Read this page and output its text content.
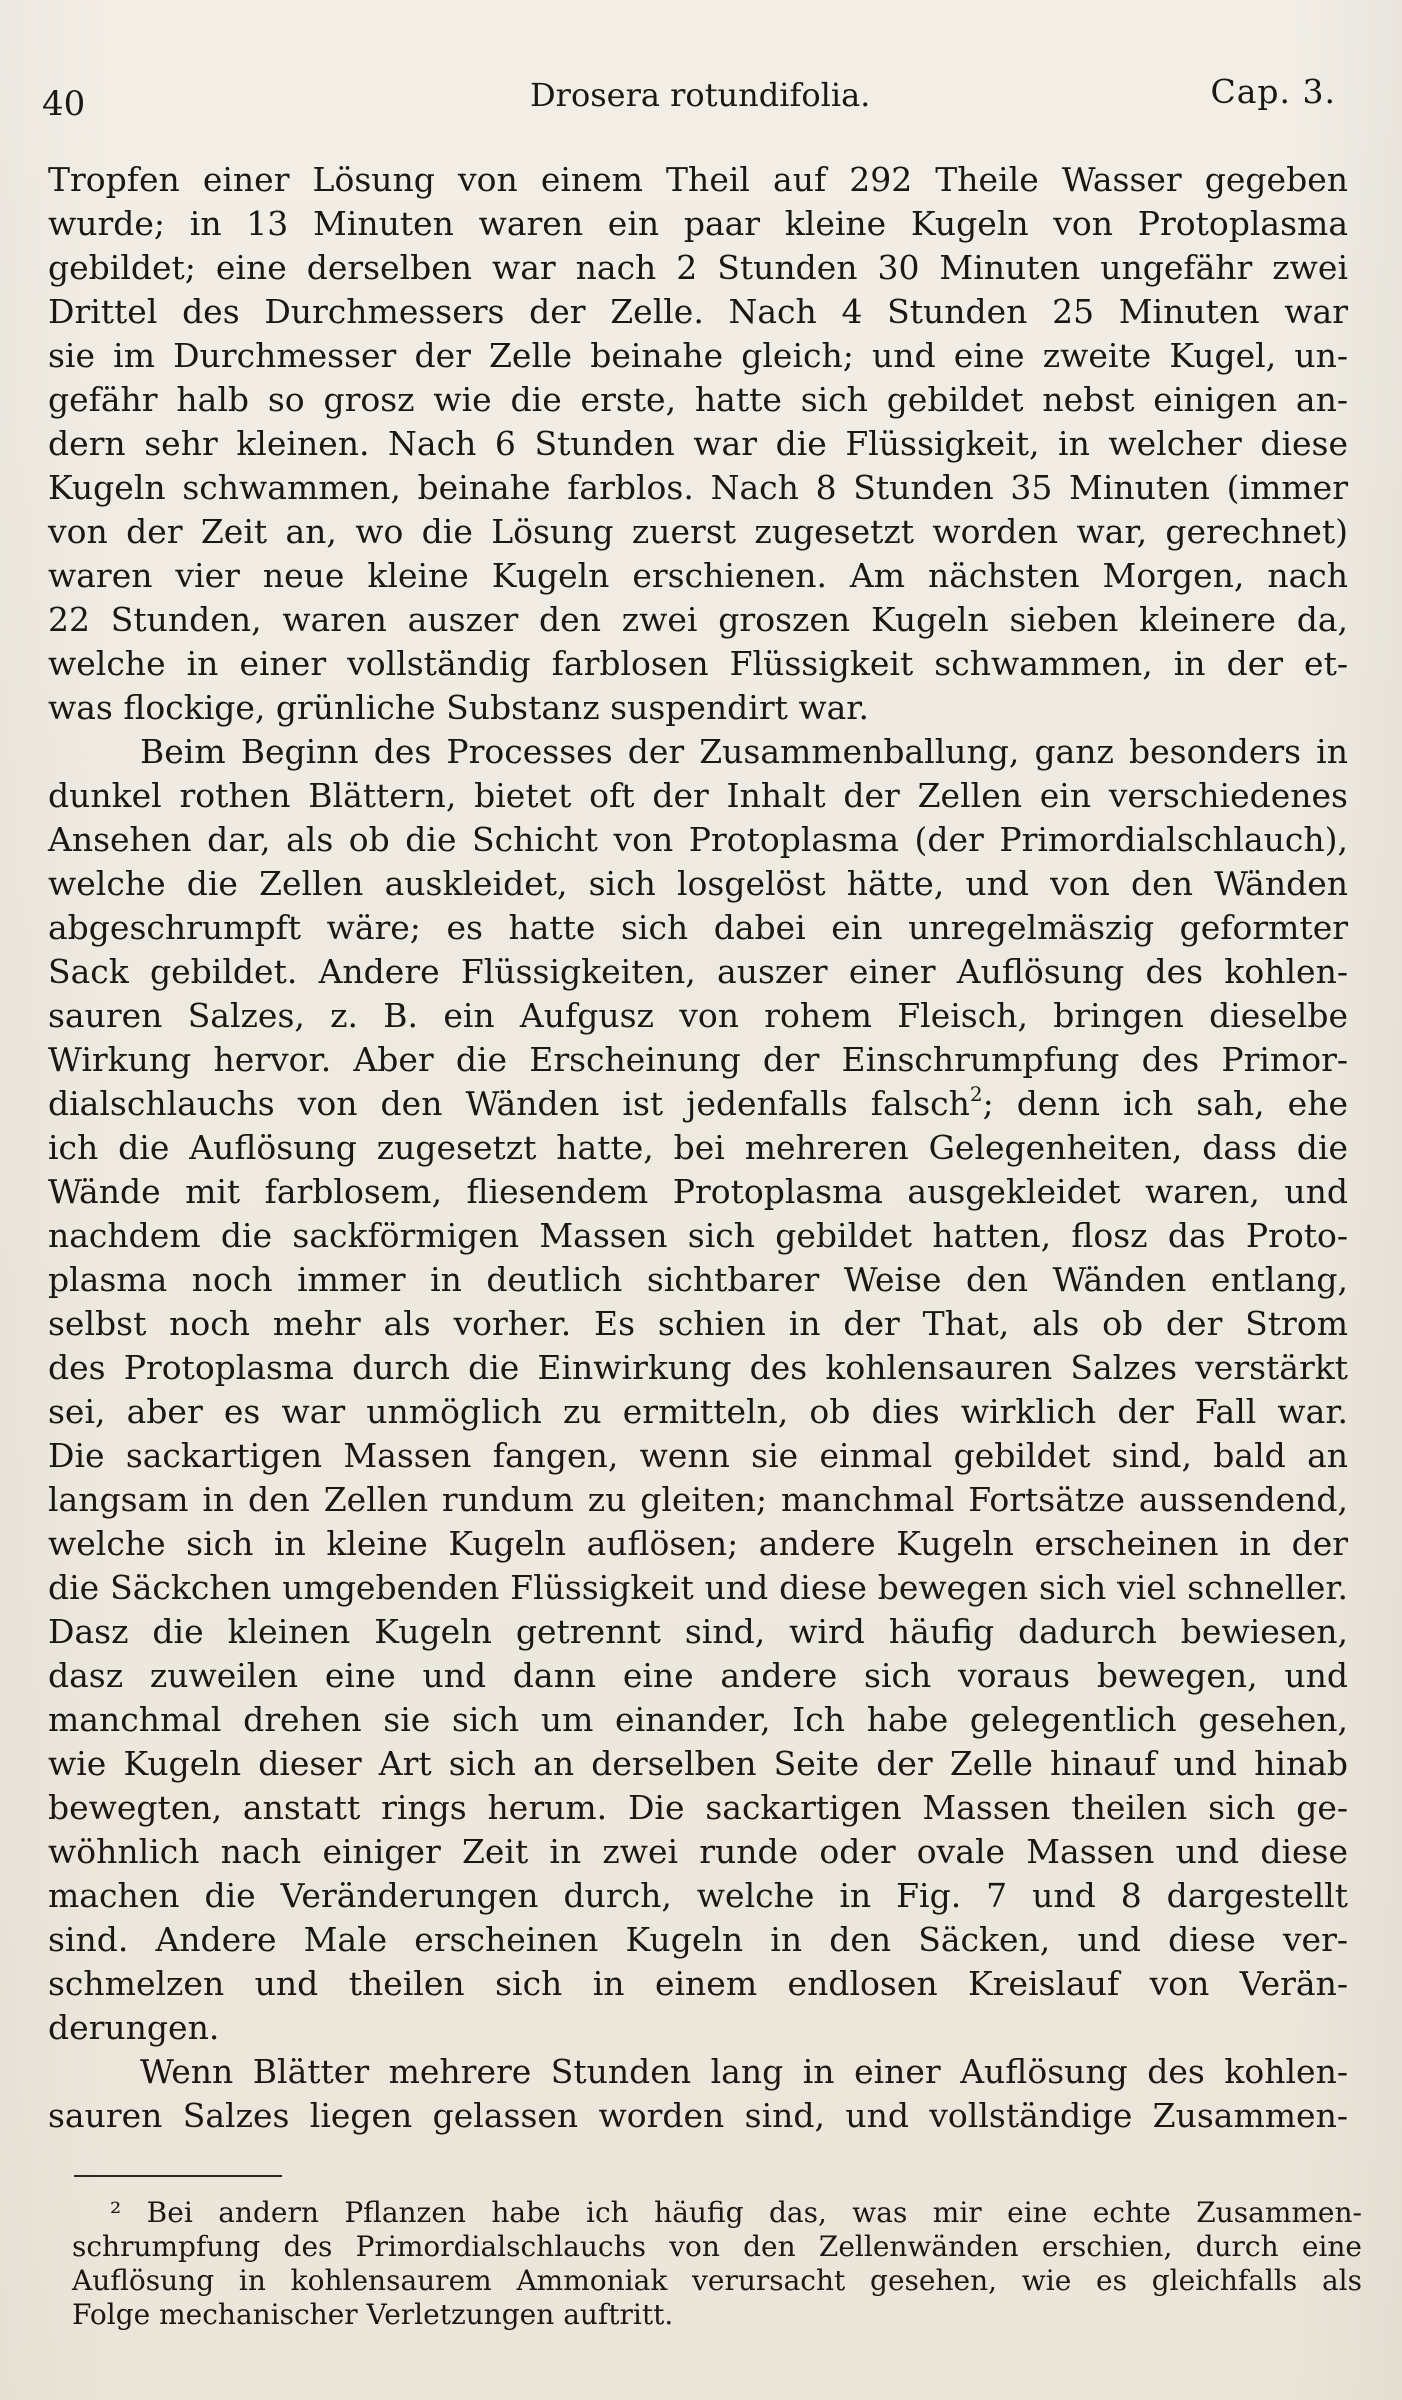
40	Drosera rotundifolia.	Cap. 3.
Tropfen einer Lösung von einem Theil auf 292 Theile Wasser gegeben
wurde; in 13 Minuten waren ein paar kleine Kugeln von Protoplasma
gebildet; eine derselben war nach 2 Stunden 30 Minuten ungefähr zwei
Drittel des Durchmessers der Zelle. Nach 4 Stunden 25 Minuten war
sie im Durchmesser der Zelle beinahe gleich; und eine zweite Kugel, un-
gefähr halb so grosz wie die erste, hatte sich gebildet nebst einigen an-
dern sehr kleinen. Nach 6 Stunden war die Flüssigkeit, in welcher diese
Kugeln schwammen, beinahe farblos. Nach 8 Stunden 35 Minuten (immer
von der Zeit an, wo die Lösung zuerst zugesetzt worden war, gerechnet)
waren vier neue kleine Kugeln erschienen. Am nächsten Morgen, nach
22 Stunden, waren auszer den zwei groszen Kugeln sieben kleinere da,
welche in einer vollständig farblosen Flüssigkeit schwammen, in der et-
was flockige, grünliche Substanz suspendirt war.
Beim Beginn des Processes der Zusammenballung, ganz besonders in
dunkel rothen Blättern, bietet oft der Inhalt der Zellen ein verschiedenes
Ansehen dar, als ob die Schicht von Protoplasma (der Primordialschlauch),
welche die Zellen auskleidet, sich losgelöst hätte, und von den Wänden
abgeschrumpft wäre; es hatte sich dabei ein unregelmäszig geformter
Sack gebildet. Andere Flüssigkeiten, auszer einer Auflösung des kohlen-
sauren Salzes, z. B. ein Aufgusz von rohem Fleisch, bringen dieselbe
Wirkung hervor. Aber die Erscheinung der Einschrumpfung des Primor-
dialschlauchs von den Wänden ist jedenfalls falsch$^2$; denn ich sah, ehe
ich die Auflösung zugesetzt hatte, bei mehreren Gelegenheiten, dass die
Wände mit farblosem, fliesendem Protoplasma ausgekleidet waren, und
nachdem die sackförmigen Massen sich gebildet hatten, flosz das Proto-
plasma noch immer in deutlich sichtbarer Weise den Wänden entlang,
selbst noch mehr als vorher. Es schien in der That, als ob der Strom
des Protoplasma durch die Einwirkung des kohlensauren Salzes verstärkt
sei, aber es war unmöglich zu ermitteln, ob dies wirklich der Fall war.
Die sackartigen Massen fangen, wenn sie einmal gebildet sind, bald an
langsam in den Zellen rundum zu gleiten; manchmal Fortsätze aussendend,
welche sich in kleine Kugeln auflösen; andere Kugeln erscheinen in der
die Säckchen umgebenden Flüssigkeit und diese bewegen sich viel schneller.
Dasz die kleinen Kugeln getrennt sind, wird häufig dadurch bewiesen,
dasz zuweilen eine und dann eine andere sich voraus bewegen, und
manchmal drehen sie sich um einander, Ich habe gelegentlich gesehen,
wie Kugeln dieser Art sich an derselben Seite der Zelle hinauf und hinab
bewegten, anstatt rings herum. Die sackartigen Massen theilen sich ge-
wöhnlich nach einiger Zeit in zwei runde oder ovale Massen und diese
machen die Veränderungen durch, welche in Fig. 7 und 8 dargestellt
sind. Andere Male erscheinen Kugeln in den Säcken, und diese ver-
schmelzen und theilen sich in einem endlosen Kreislauf von Verän-
derungen.
Wenn Blätter mehrere Stunden lang in einer Auflösung des kohlen-
sauren Salzes liegen gelassen worden sind, und vollständige Zusammen-
² Bei andern Pflanzen habe ich häufig das, was mir eine echte Zusammen-
schrumpfung des Primordialschlauchs von den Zellenwänden erschien, durch eine
Auflösung in kohlensaurem Ammoniak verursacht gesehen, wie es gleichfalls als
Folge mechanischer Verletzungen auftritt.
